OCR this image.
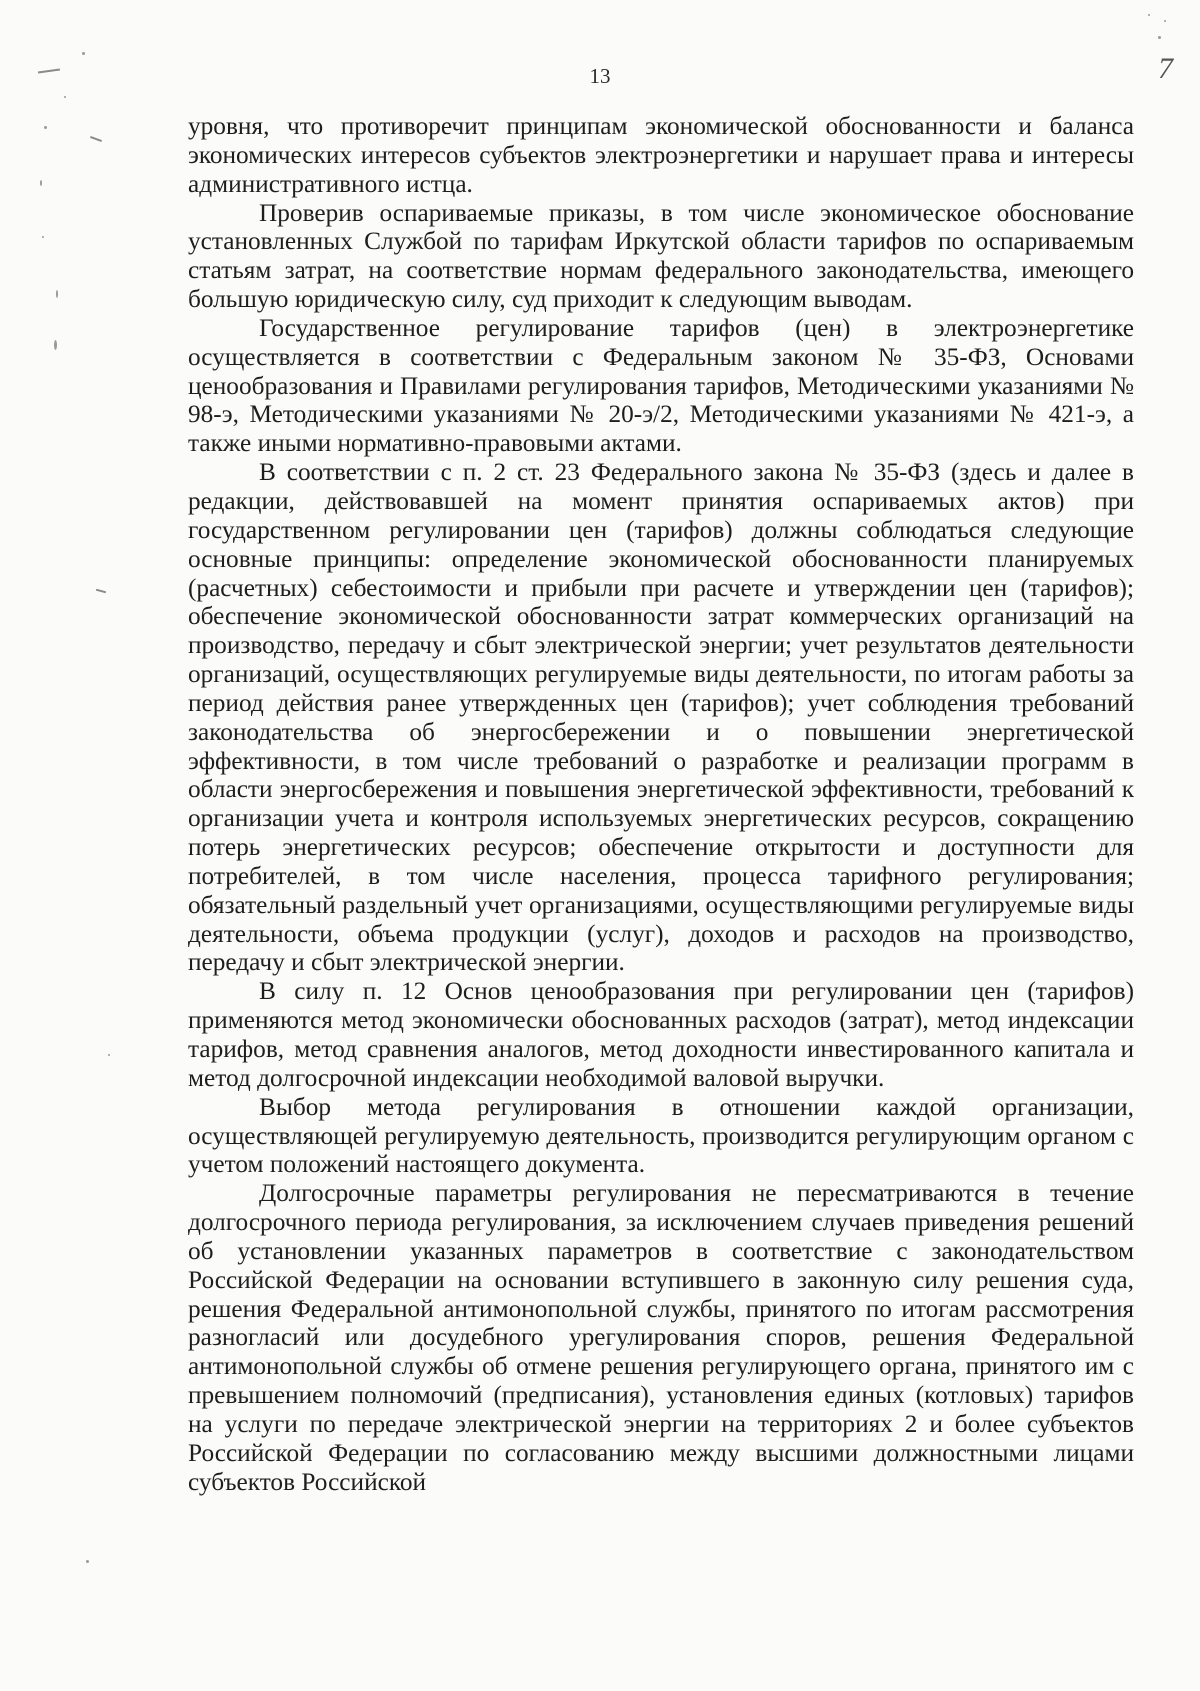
7
13

уровня, что противоречит принципам экономической обоснованности и баланса экономических интересов субъектов электроэнергетики и нарушает права и интересы административного истца.

Проверив оспариваемые приказы, в том числе экономическое обоснование установленных Службой по тарифам Иркутской области тарифов по оспариваемым статьям затрат, на соответствие нормам федерального законодательства, имеющего большую юридическую силу, суд приходит к следующим выводам.

Государственное регулирование тарифов (цен) в электроэнергетике осуществляется в соответствии с Федеральным законом № 35-ФЗ, Основами ценообразования и Правилами регулирования тарифов, Методическими указаниями № 98-э, Методическими указаниями № 20-э/2, Методическими указаниями № 421-э, а также иными нормативно-правовыми актами.

В соответствии с п. 2 ст. 23 Федерального закона № 35-ФЗ (здесь и далее в редакции, действовавшей на момент принятия оспариваемых актов) при государственном регулировании цен (тарифов) должны соблюдаться следующие основные принципы: определение экономической обоснованности планируемых (расчетных) себестоимости и прибыли при расчете и утверждении цен (тарифов); обеспечение экономической обоснованности затрат коммерческих организаций на производство, передачу и сбыт электрической энергии; учет результатов деятельности организаций, осуществляющих регулируемые виды деятельности, по итогам работы за период действия ранее утвержденных цен (тарифов); учет соблюдения требований законодательства об энергосбережении и о повышении энергетической эффективности, в том числе требований о разработке и реализации программ в области энергосбережения и повышения энергетической эффективности, требований к организации учета и контроля используемых энергетических ресурсов, сокращению потерь энергетических ресурсов; обеспечение открытости и доступности для потребителей, в том числе населения, процесса тарифного регулирования; обязательный раздельный учет организациями, осуществляющими регулируемые виды деятельности, объема продукции (услуг), доходов и расходов на производство, передачу и сбыт электрической энергии.

В силу п. 12 Основ ценообразования при регулировании цен (тарифов) применяются метод экономически обоснованных расходов (затрат), метод индексации тарифов, метод сравнения аналогов, метод доходности инвестированного капитала и метод долгосрочной индексации необходимой валовой выручки.

Выбор метода регулирования в отношении каждой организации, осуществляющей регулируемую деятельность, производится регулирующим органом с учетом положений настоящего документа.

Долгосрочные параметры регулирования не пересматриваются в течение долгосрочного периода регулирования, за исключением случаев приведения решений об установлении указанных параметров в соответствие с законодательством Российской Федерации на основании вступившего в законную силу решения суда, решения Федеральной антимонопольной службы, принятого по итогам рассмотрения разногласий или досудебного урегулирования споров, решения Федеральной антимонопольной службы об отмене решения регулирующего органа, принятого им с превышением полномочий (предписания), установления единых (котловых) тарифов на услуги по передаче электрической энергии на территориях 2 и более субъектов Российской Федерации по согласованию между высшими должностными лицами субъектов Российской
